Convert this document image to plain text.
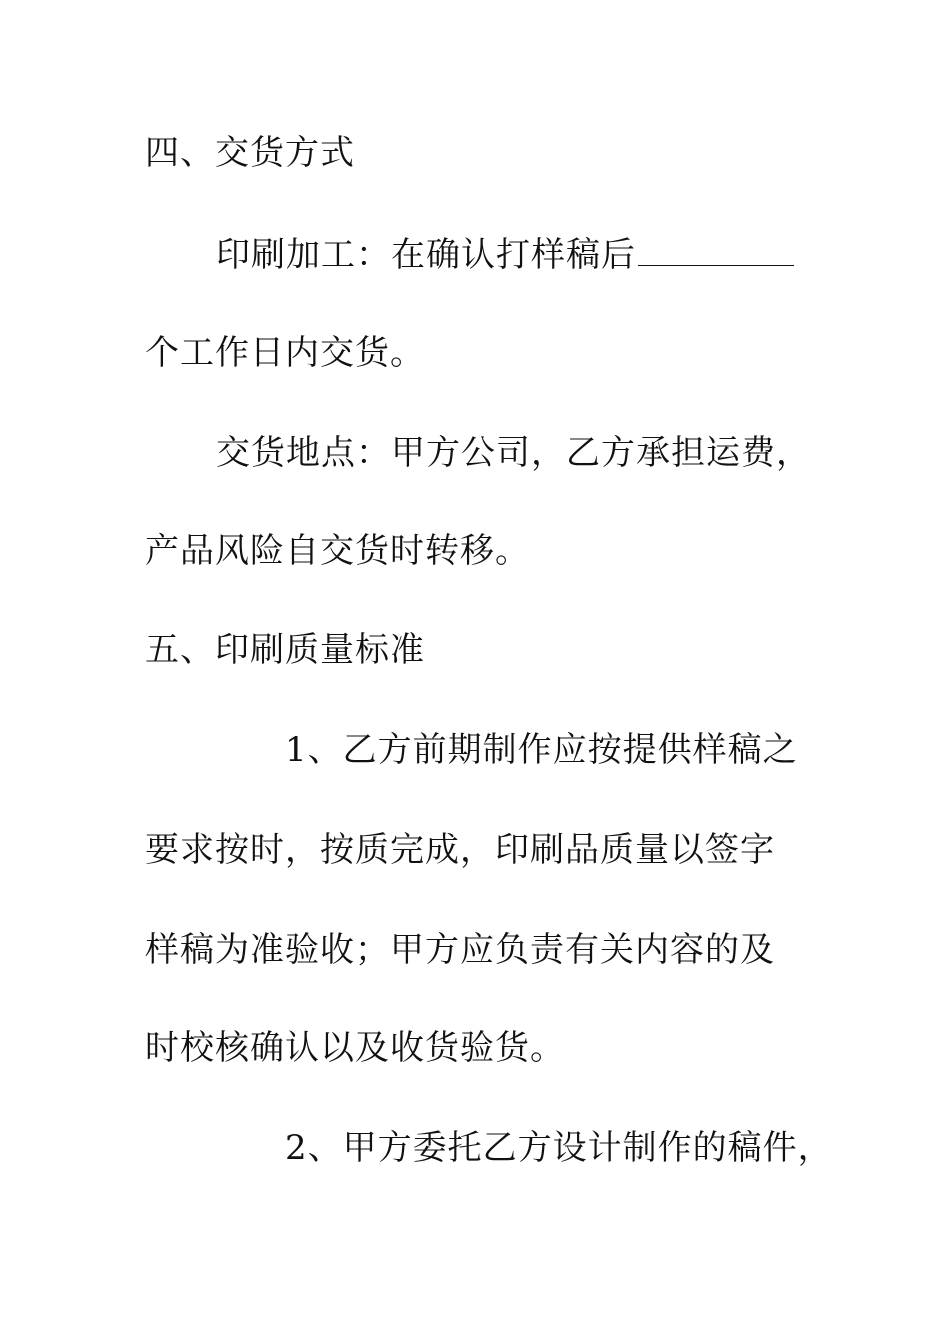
四、交货方式
印刷加工：在确认打样稿后
个工作日内交货。
交货地点：甲方公司，乙方承担运费，
产品风险自交货时转移。
五、印刷质量标准
1、乙方前期制作应按提供样稿之
要求按时，按质完成，印刷品质量以签字
样稿为准验收；甲方应负责有关内容的及
时校核确认以及收货验货。
2、甲方委托乙方设计制作的稿件，
